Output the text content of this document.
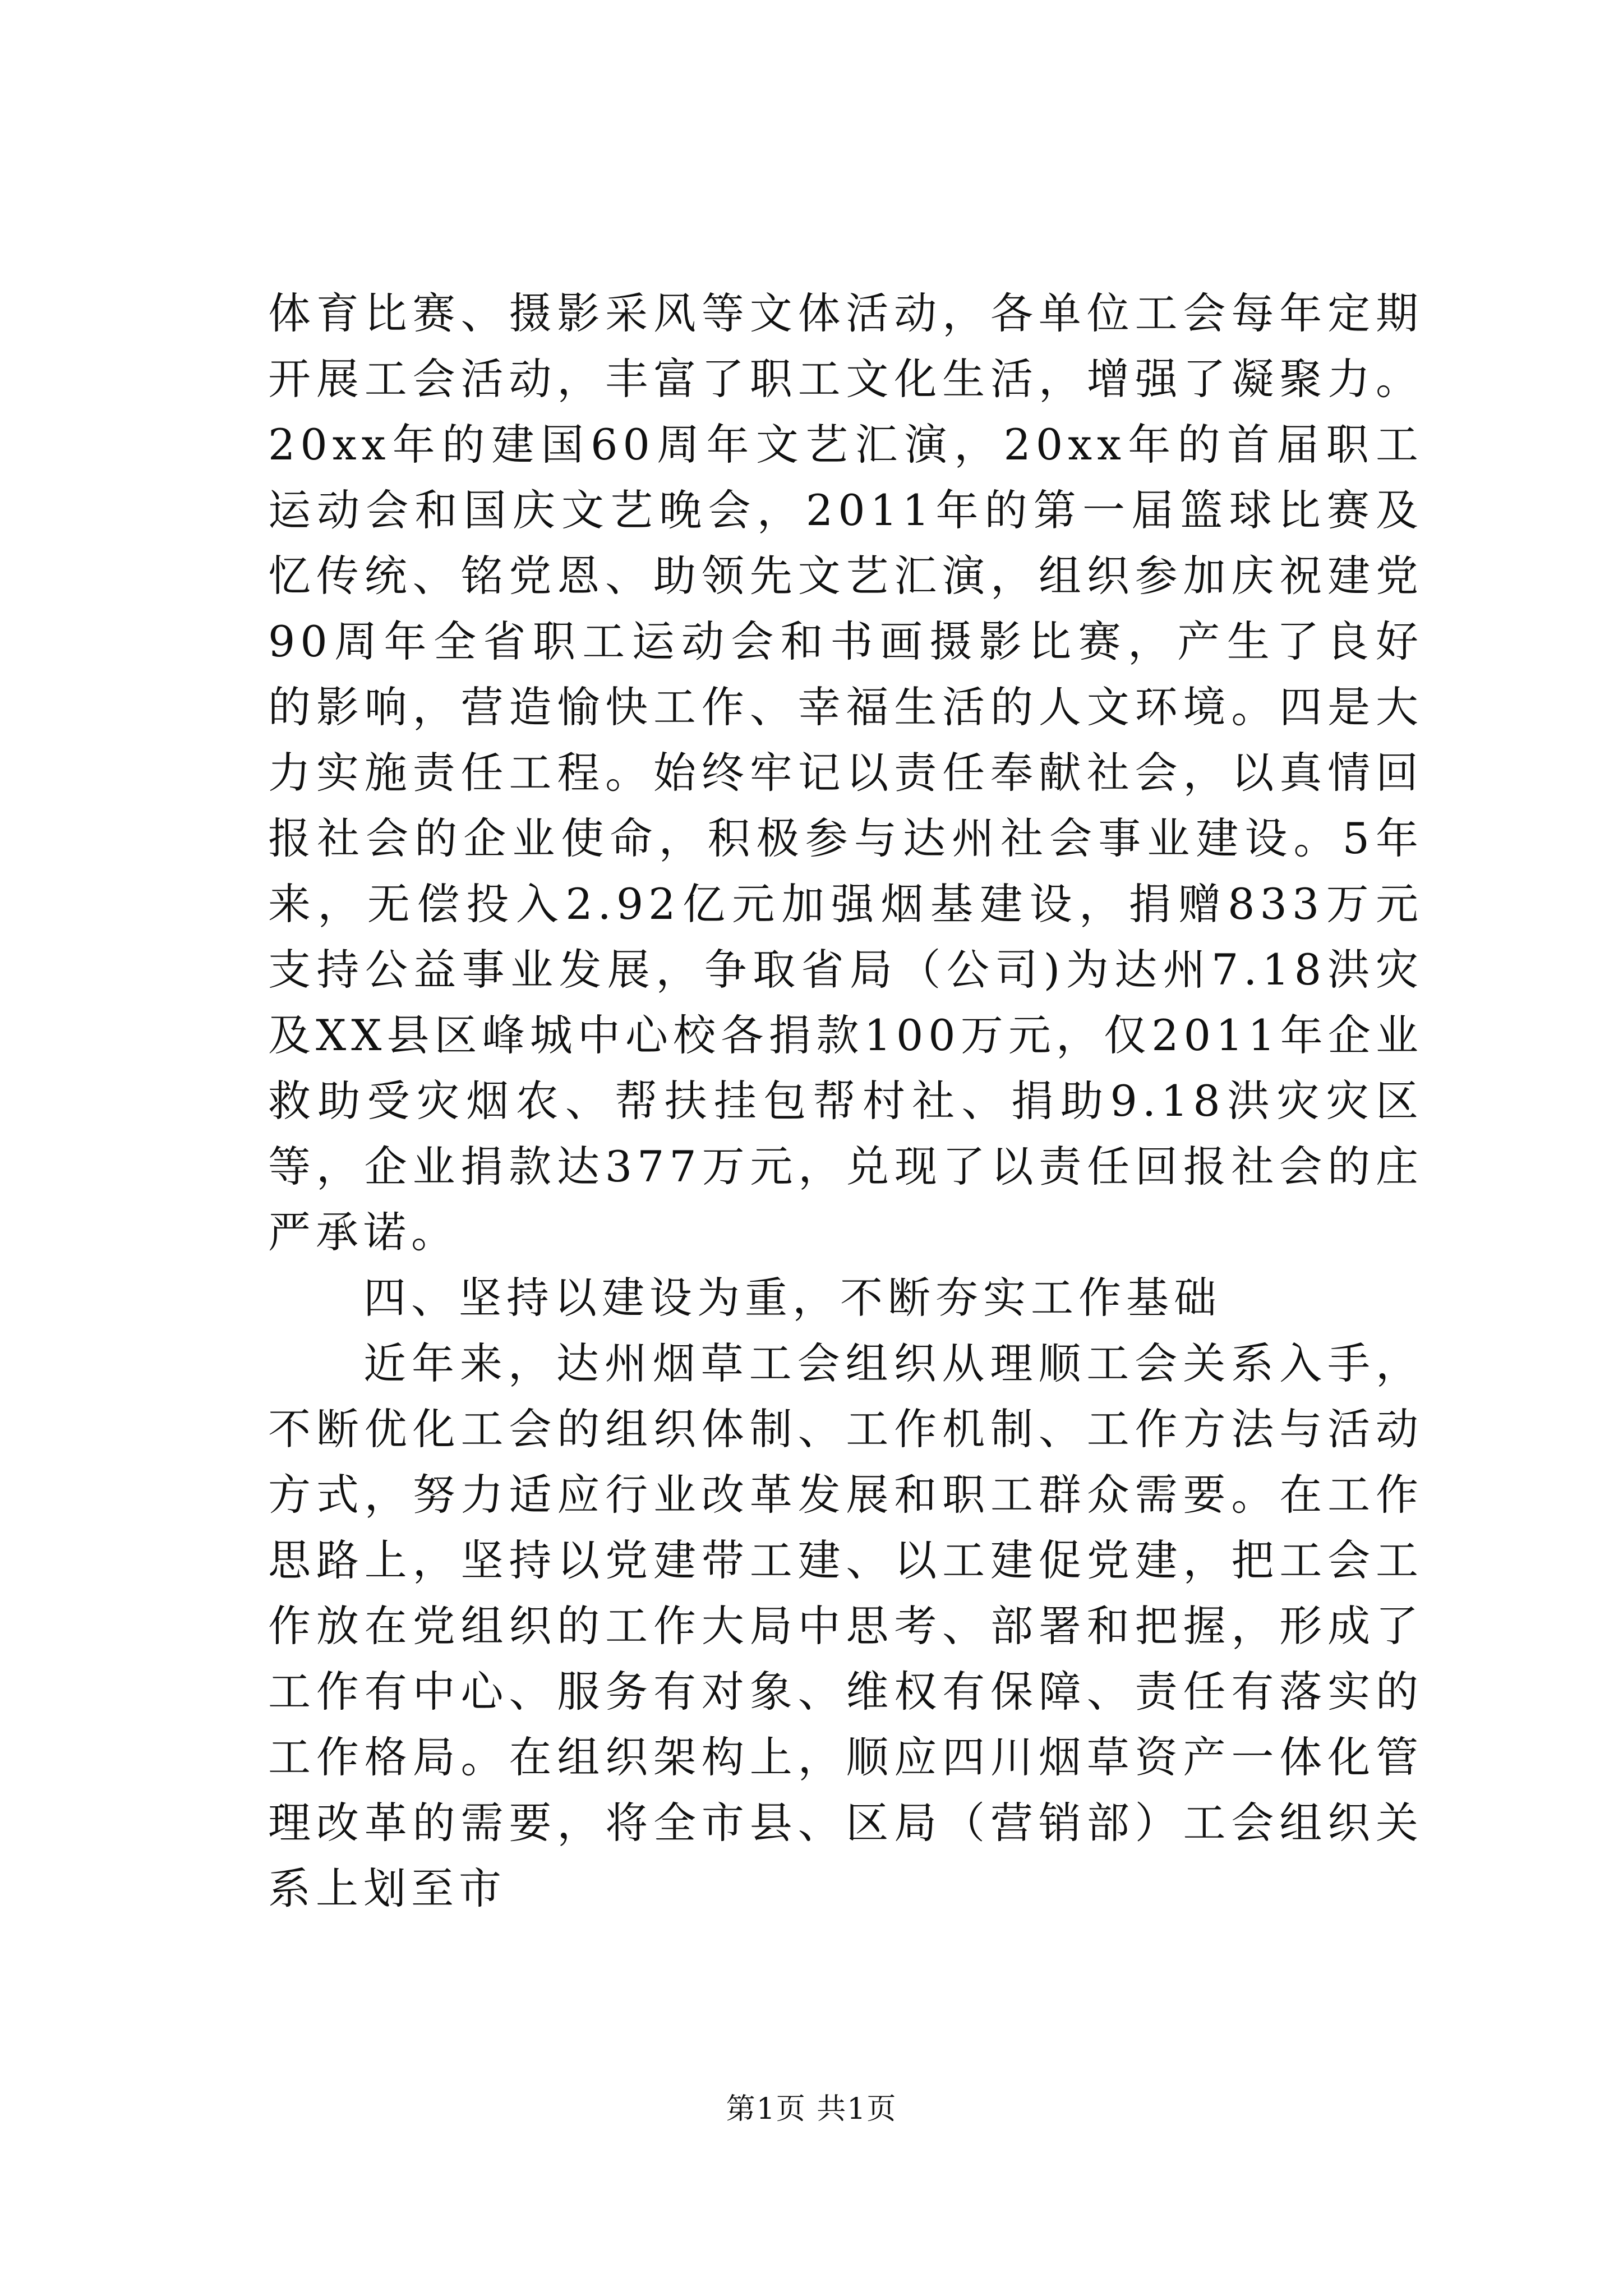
体育比赛、摄影采风等文体活动，各单位工会每年定期开展工会活动，丰富了职工文化生活，增强了凝聚力。20xx年的建国60周年文艺汇演，20xx年的首届职工运动会和国庆文艺晚会，2011年的第一届篮球比赛及忆传统、铭党恩、助领先文艺汇演，组织参加庆祝建党90周年全省职工运动会和书画摄影比赛，产生了良好的影响，营造愉快工作、幸福生活的人文环境。四是大力实施责任工程。始终牢记以责任奉献社会，以真情回报社会的企业使命，积极参与达州社会事业建设。5年来，无偿投入2.92亿元加强烟基建设，捐赠833万元支持公益事业发展，争取省局（公司)为达州7.18洪灾及XX县区峰城中心校各捐款100万元，仅2011年企业救助受灾烟农、帮扶挂包帮村社、捐助9.18洪灾灾区等，企业捐款达377万元，兑现了以责任回报社会的庄严承诺。

四、坚持以建设为重，不断夯实工作基础

近年来，达州烟草工会组织从理顺工会关系入手，不断优化工会的组织体制、工作机制、工作方法与活动方式，努力适应行业改革发展和职工群众需要。在工作思路上，坚持以党建带工建、以工建促党建，把工会工作放在党组织的工作大局中思考、部署和把握，形成了工作有中心、服务有对象、维权有保障、责任有落实的工作格局。在组织架构上，顺应四川烟草资产一体化管理改革的需要，将全市县、区局（营销部）工会组织关系上划至市

第1页 共1页
